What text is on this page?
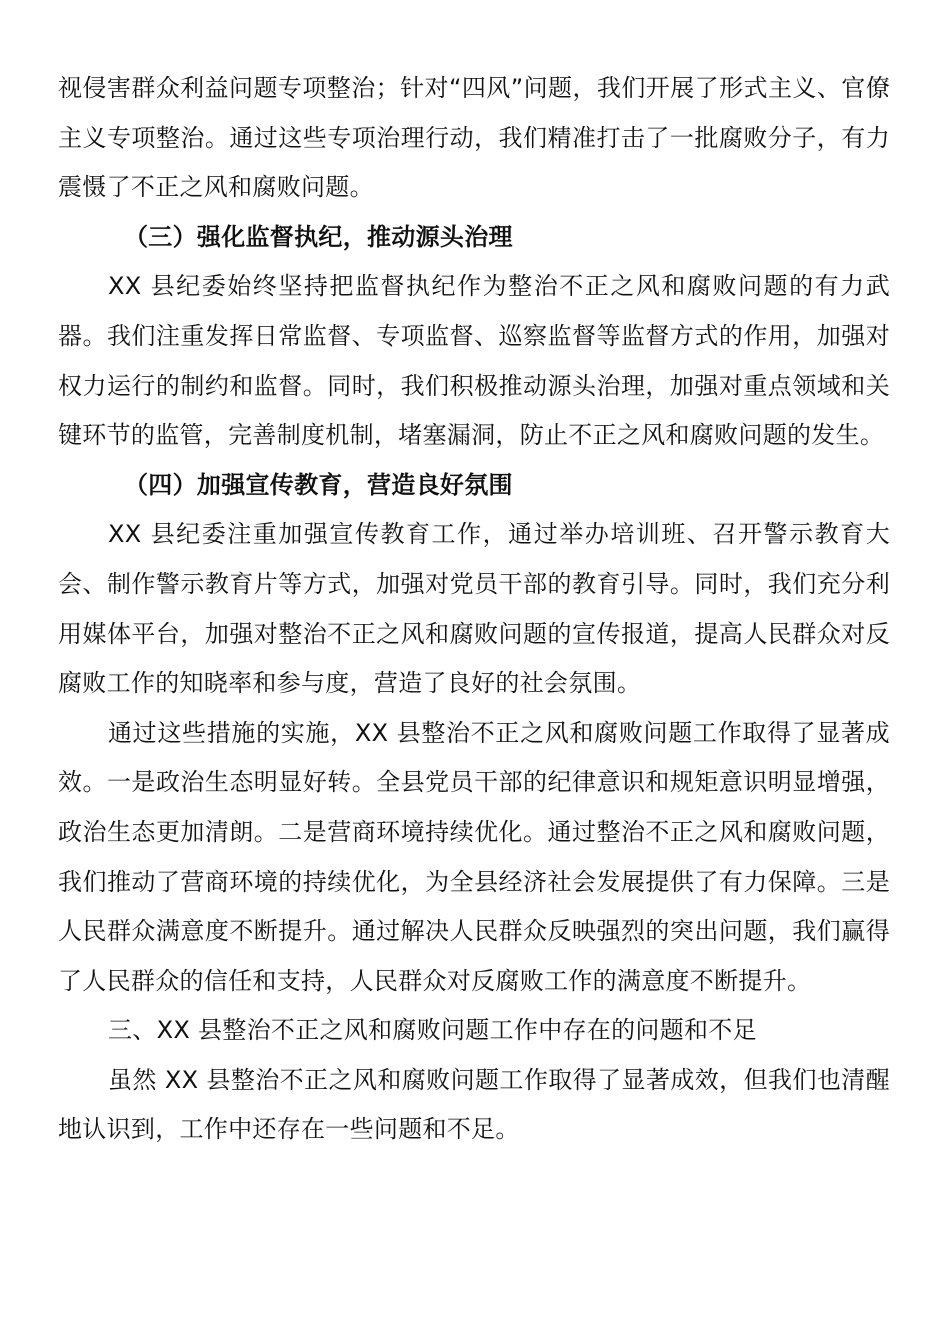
视侵害群众利益问题专项整治；针对“四风”问题，我们开展了形式主义、官僚主义专项整治。通过这些专项治理行动，我们精准打击了一批腐败分子，有力震慑了不正之风和腐败问题。

（三）强化监督执纪，推动源头治理

XX 县纪委始终坚持把监督执纪作为整治不正之风和腐败问题的有力武器。我们注重发挥日常监督、专项监督、巡察监督等监督方式的作用，加强对权力运行的制约和监督。同时，我们积极推动源头治理，加强对重点领域和关键环节的监管，完善制度机制，堵塞漏洞，防止不正之风和腐败问题的发生。

（四）加强宣传教育，营造良好氛围

XX 县纪委注重加强宣传教育工作，通过举办培训班、召开警示教育大会、制作警示教育片等方式，加强对党员干部的教育引导。同时，我们充分利用媒体平台，加强对整治不正之风和腐败问题的宣传报道，提高人民群众对反腐败工作的知晓率和参与度，营造了良好的社会氛围。

通过这些措施的实施，XX 县整治不正之风和腐败问题工作取得了显著成效。一是政治生态明显好转。全县党员干部的纪律意识和规矩意识明显增强，政治生态更加清朗。二是营商环境持续优化。通过整治不正之风和腐败问题，我们推动了营商环境的持续优化，为全县经济社会发展提供了有力保障。三是人民群众满意度不断提升。通过解决人民群众反映强烈的突出问题，我们赢得了人民群众的信任和支持，人民群众对反腐败工作的满意度不断提升。

三、XX 县整治不正之风和腐败问题工作中存在的问题和不足

虽然 XX 县整治不正之风和腐败问题工作取得了显著成效，但我们也清醒地认识到，工作中还存在一些问题和不足。
